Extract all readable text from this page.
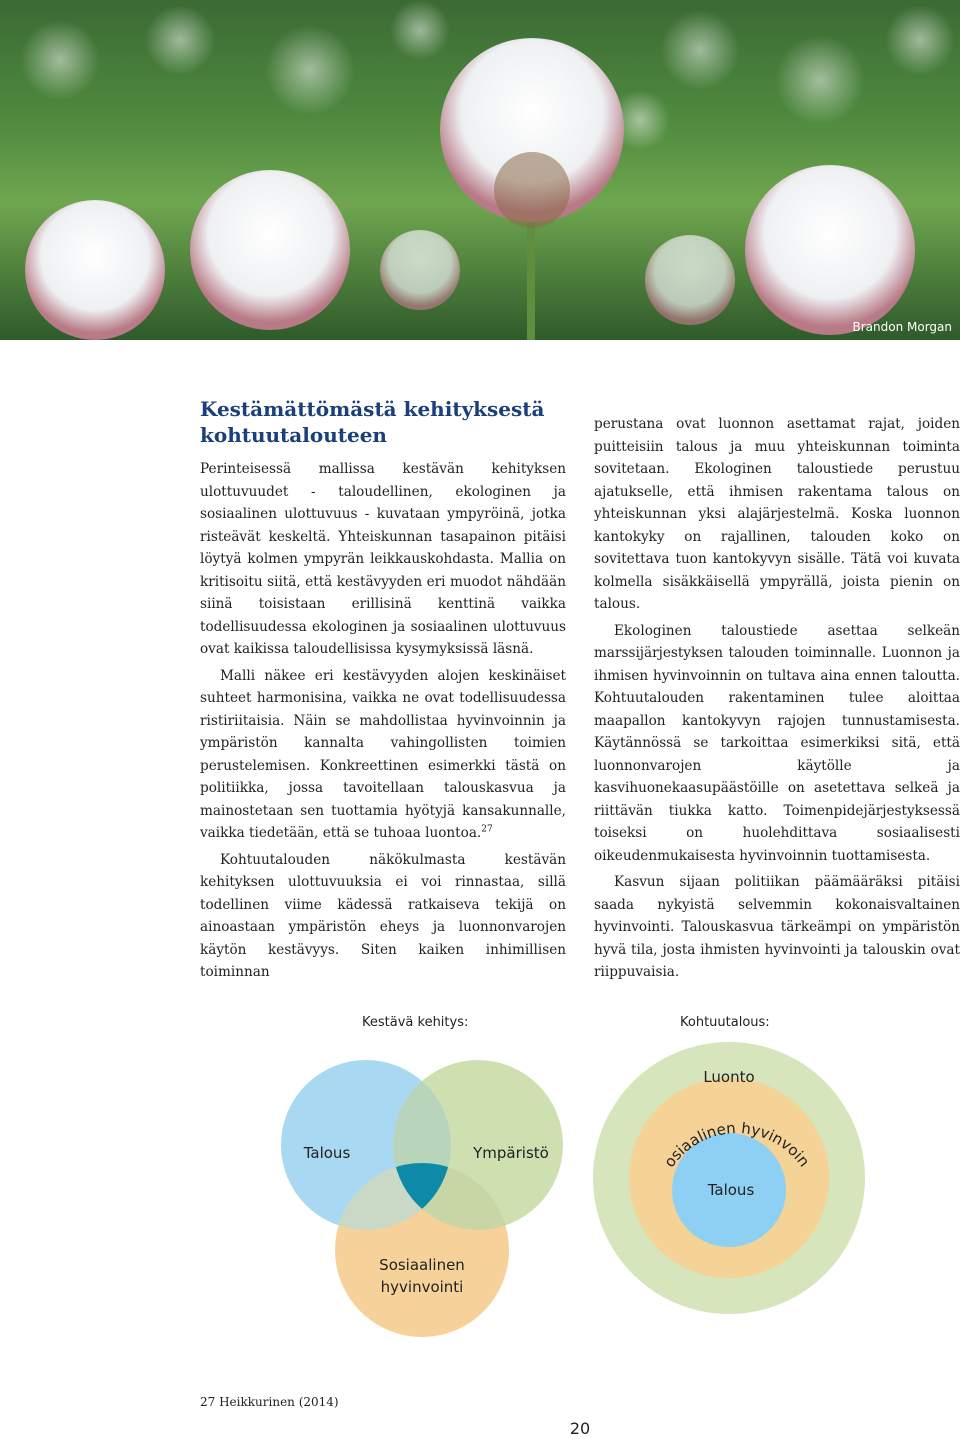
Brandon Morgan
Kestämättömästä kehityksestä kohtuutalouteen

Perinteisessä mallissa kestävän kehityksen ulottuvuudet - taloudellinen, ekologinen ja sosiaalinen ulottuvuus - kuvataan ympyröinä, jotka risteävät keskeltä. Yhteiskunnan tasapainon pitäisi löytyä kolmen ympyrän leikkauskohdasta. Mallia on kritisoitu siitä, että kestävyyden eri muodot nähdään siinä toisistaan erillisinä kenttinä vaikka todellisuudessa ekologinen ja sosiaalinen ulottuvuus ovat kaikissa taloudellisissa kysymyksissä läsnä.

Malli näkee eri kestävyyden alojen keskinäiset suhteet harmonisina, vaikka ne ovat todellisuudessa ristiriitaisia. Näin se mahdollistaa hyvinvoinnin ja ympäristön kannalta vahingollisten toimien perustelemisen. Konkreettinen esimerkki tästä on politiikka, jossa tavoitellaan talouskasvua ja mainostetaan sen tuottamia hyötyjä kansakunnalle, vaikka tiedetään, että se tuhoaa luontoa.$^{27}$

Kohtuutalouden näkökulmasta kestävän kehityksen ulottuvuuksia ei voi rinnastaa, sillä todellinen viime kädessä ratkaiseva tekijä on ainoastaan ympäristön eheys ja luonnonvarojen käytön kestävyys. Siten kaiken inhimillisen toiminnan

perustana ovat luonnon asettamat rajat, joiden puitteisiin talous ja muu yhteiskunnan toiminta sovitetaan. Ekologinen taloustiede perustuu ajatukselle, että ihmisen rakentama talous on yhteiskunnan yksi alajärjestelmä. Koska luonnon kantokyky on rajallinen, talouden koko on sovitettava tuon kantokyvyn sisälle. Tätä voi kuvata kolmella sisäkkäisellä ympyrällä, joista pienin on talous.

Ekologinen taloustiede asettaa selkeän marssijärjestyksen talouden toiminnalle. Luonnon ja ihmisen hyvinvoinnin on tultava aina ennen taloutta. Kohtuutalouden rakentaminen tulee aloittaa maapallon kantokyvyn rajojen tunnustamisesta. Käytännössä se tarkoittaa esimerkiksi sitä, että luonnonvarojen käytölle ja kasvihuonekaasupäästöille on asetettava selkeä ja riittävän tiukka katto. Toimenpidejärjestyksessä toiseksi on huolehdittava sosiaalisesti oikeudenmukaisesta hyvinvoinnin tuottamisesta.

Kasvun sijaan politiikan päämääräksi pitäisi saada nykyistä selvemmin kokonaisvaltainen hyvinvointi. Talouskasvua tärkeämpi on ympäristön hyvä tila, josta ihmisten hyvinvointi ja talouskin ovat riippuvaisia.

Kestävä kehitys:	Kohtuutalous:
Talous	Ympäristö
Sosiaalinen
hyvinvointi
Luonto
osiaalinen hyvinvoin
Talous
27 Heikkurinen (2014)
20
